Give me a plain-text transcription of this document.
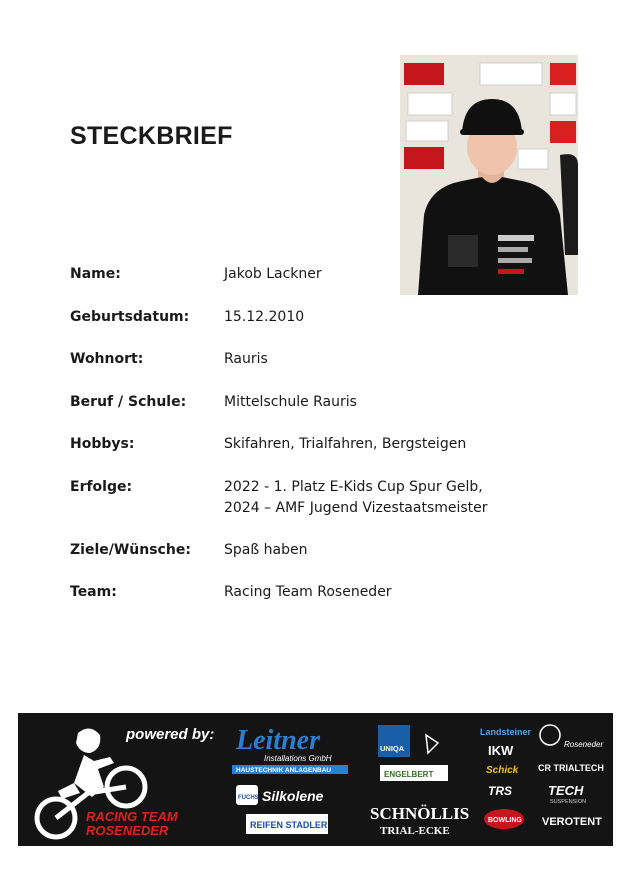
STECKBRIEF
Name:	Jakob Lackner
Geburtsdatum: 15.12.2010
Wohnort:	Rauris
Beruf / Schule:	Mittelschule Rauris
Hobbys:	Skifahren, Trialfahren, Bergsteigen
Erfolge:	2022 - 1. Platz E-Kids Cup Spur Gelb,
2024 – AMF Jugend Vizestaatsmeister
Ziele/Wünsche: Spaß haben
Team:	Racing Team Roseneder
RACING TEAM
ROSENEDER
powered by: Leitner
Installations GmbH
HAUSTECHNIK ANLAGENBAU
FUCHS Silkolene
REIFEN STADLER
UNIQA
ENGELBERT
SCHNÖLLIS
TRIAL-ECKE
Landsteiner
IKW
Schick
TRS
BOWLING
Roseneder
CR TRIALTECH
TECH
SUSPENSION
VEROTENT
